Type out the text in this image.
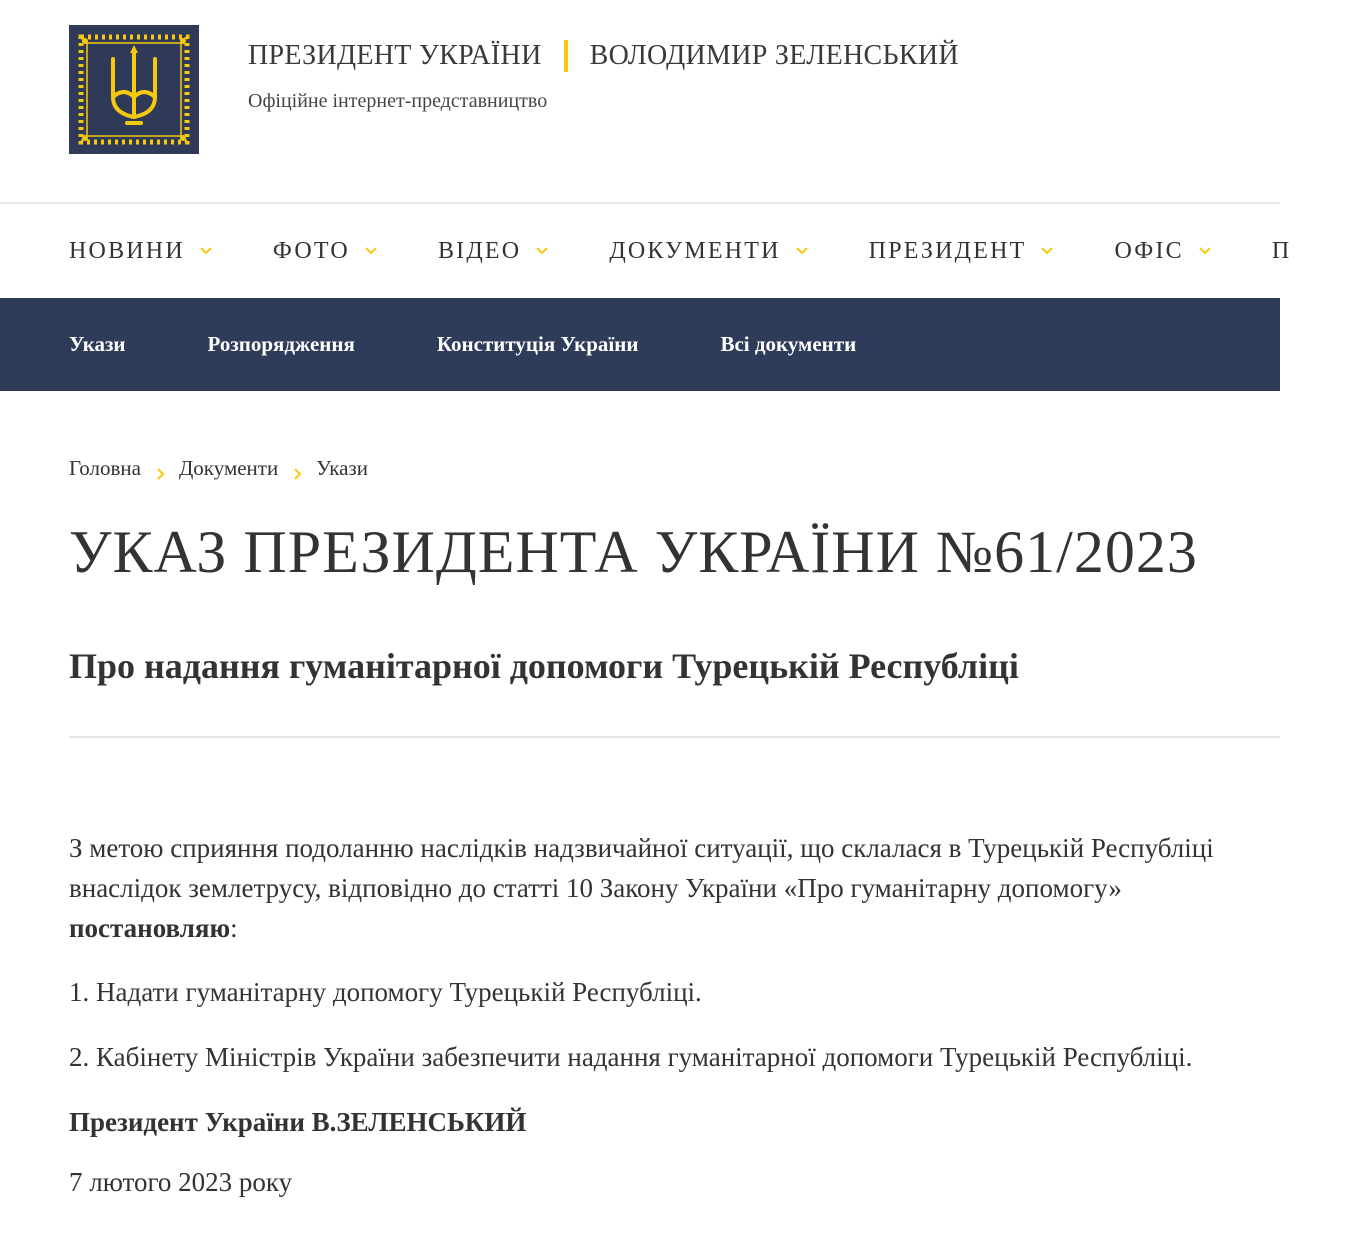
ПРЕЗИДЕНТ УКРАЇНИ ВОЛОДИМИР ЗЕЛЕНСЬКИЙ
Офіційне інтернет-представництво
НОВИНИ	ФОТО	ВІДЕО	ДОКУМЕНТИ	ПРЕЗИДЕНТ	ОФІС	П
Укази	Розпорядження	Конституція України	Всі документи
Головна Документи Укази
УКАЗ ПРЕЗИДЕНТА УКРАЇНИ №61/2023
Про надання гуманітарної допомоги Турецькій Республіці

З метою сприяння подоланню наслідків надзвичайної ситуації, що склалася в Турецькій Республіці внаслідок землетрусу, відповідно до статті 10 Закону України «Про гуманітарну допомогу» постановляю:

1. Надати гуманітарну допомогу Турецькій Республіці.

2. Кабінету Міністрів України забезпечити надання гуманітарної допомоги Турецькій Республіці.

Президент України В.ЗЕЛЕНСЬКИЙ

7 лютого 2023 року
